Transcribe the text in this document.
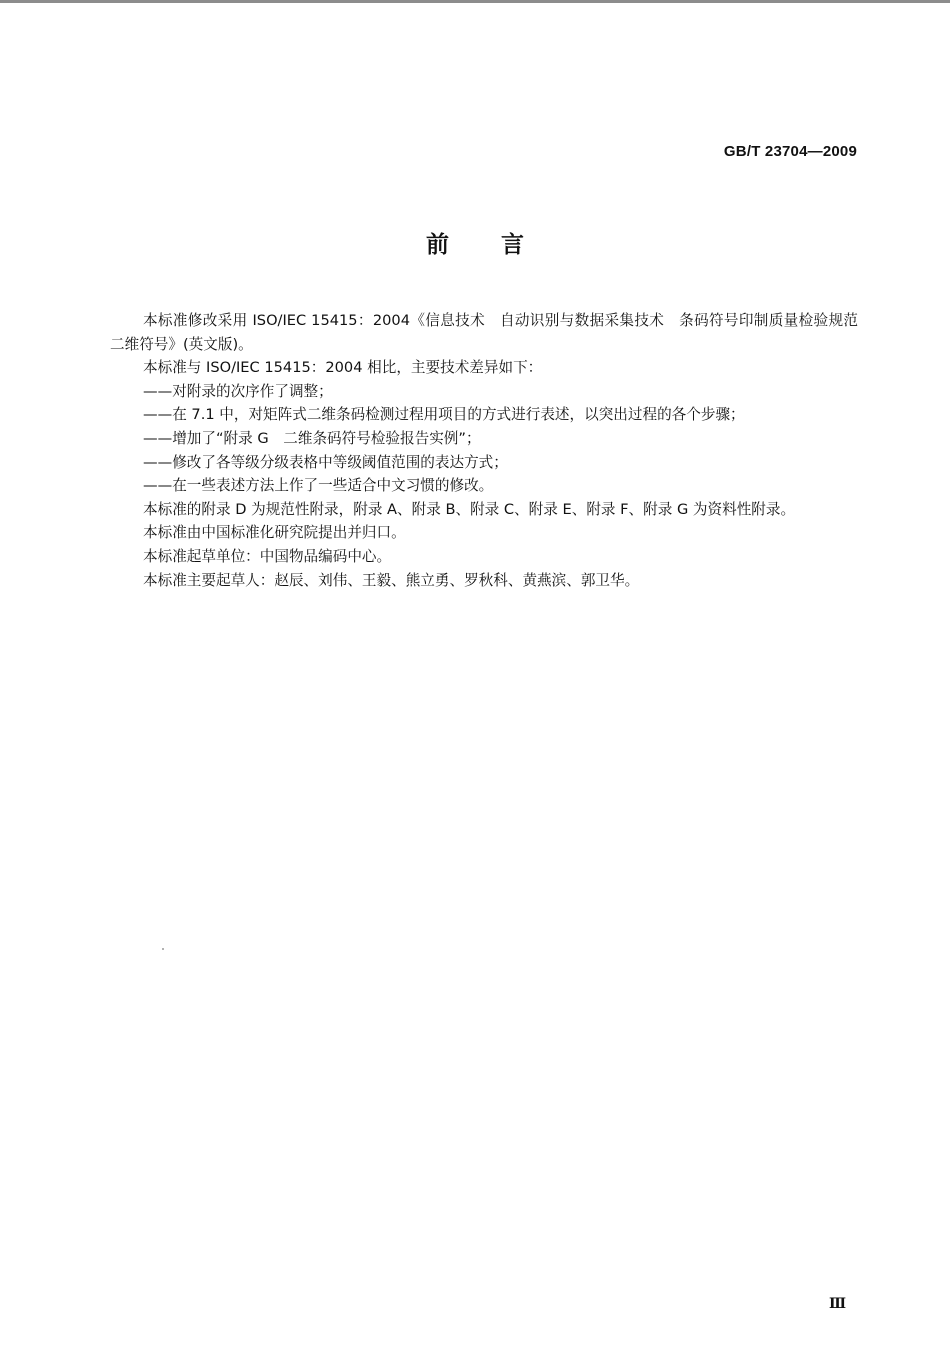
GB/T 23704—2009
前言

本标准修改采用 ISO/IEC 15415：2004《信息技术　自动识别与数据采集技术　条码符号印制质量检验规范　二维符号》(英文版)。

本标准与 ISO/IEC 15415：2004 相比，主要技术差异如下：

——对附录的次序作了调整；

——在 7.1 中，对矩阵式二维条码检测过程用项目的方式进行表述，以突出过程的各个步骤；

——增加了“附录 G　二维条码符号检验报告实例”；

——修改了各等级分级表格中等级阈值范围的表达方式；

——在一些表述方法上作了一些适合中文习惯的修改。

本标准的附录 D 为规范性附录，附录 A、附录 B、附录 C、附录 E、附录 F、附录 G 为资料性附录。

本标准由中国标准化研究院提出并归口。

本标准起草单位：中国物品编码中心。

本标准主要起草人：赵辰、刘伟、王毅、熊立勇、罗秋科、黄燕滨、郭卫华。

Ⅲ
